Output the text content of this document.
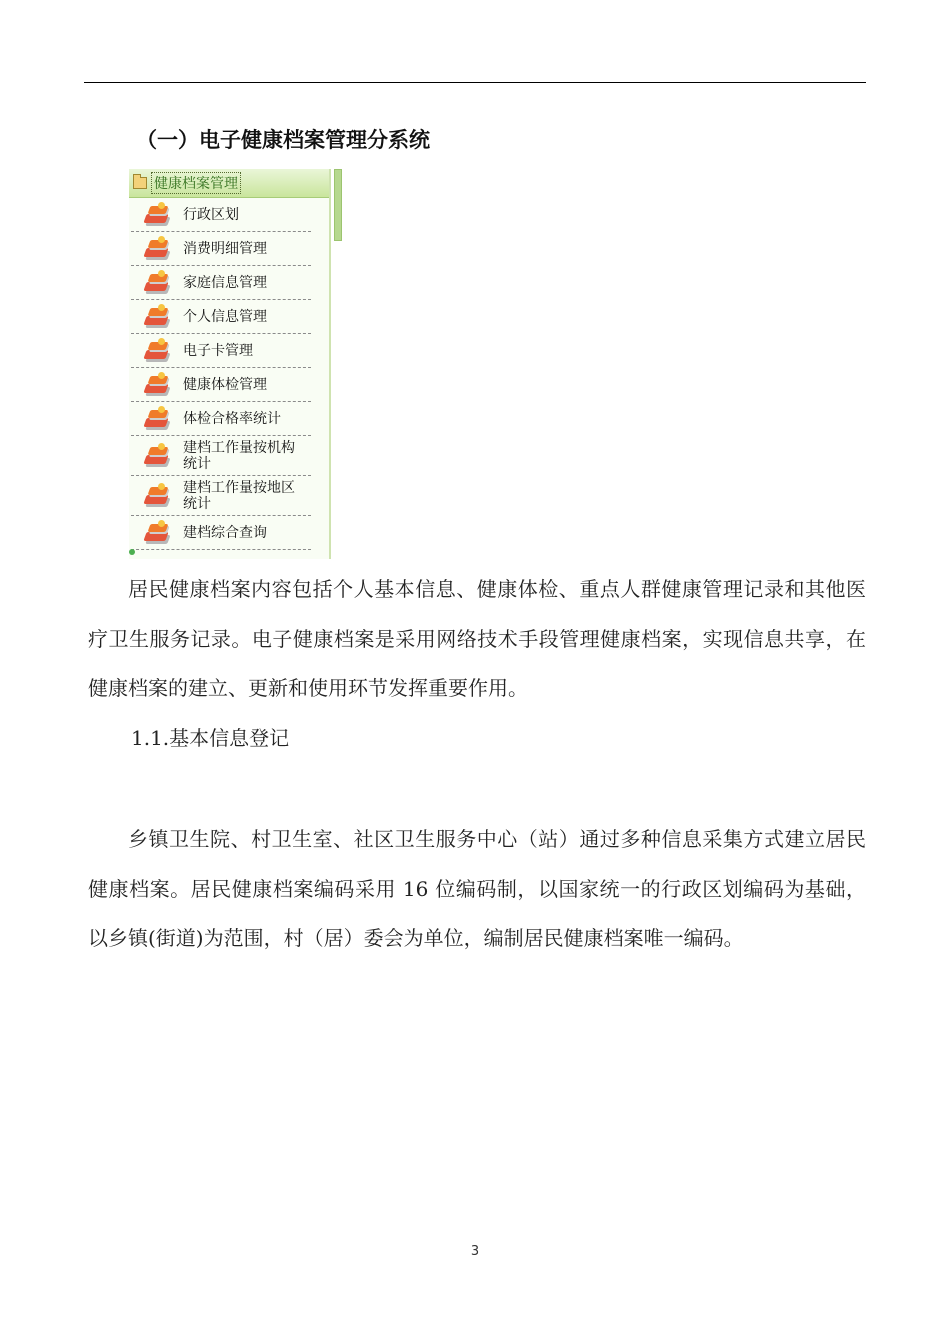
（一）电子健康档案管理分系统
健康档案管理
行政区划
消费明细管理
家庭信息管理
个人信息管理
电子卡管理
健康体检管理
体检合格率统计
建档工作量按机构统计
建档工作量按地区统计
建档综合查询

居民健康档案内容包括个人基本信息、健康体检、重点人群健康管理记录和其他医疗卫生服务记录。电子健康档案是采用网络技术手段管理健康档案，实现信息共享，在健康档案的建立、更新和使用环节发挥重要作用。

1.1.基本信息登记

乡镇卫生院、村卫生室、社区卫生服务中心（站）通过多种信息采集方式建立居民健康档案。居民健康档案编码采用 16 位编码制，以国家统一的行政区划编码为基础，以乡镇(街道)为范围，村（居）委会为单位，编制居民健康档案唯一编码。

3
